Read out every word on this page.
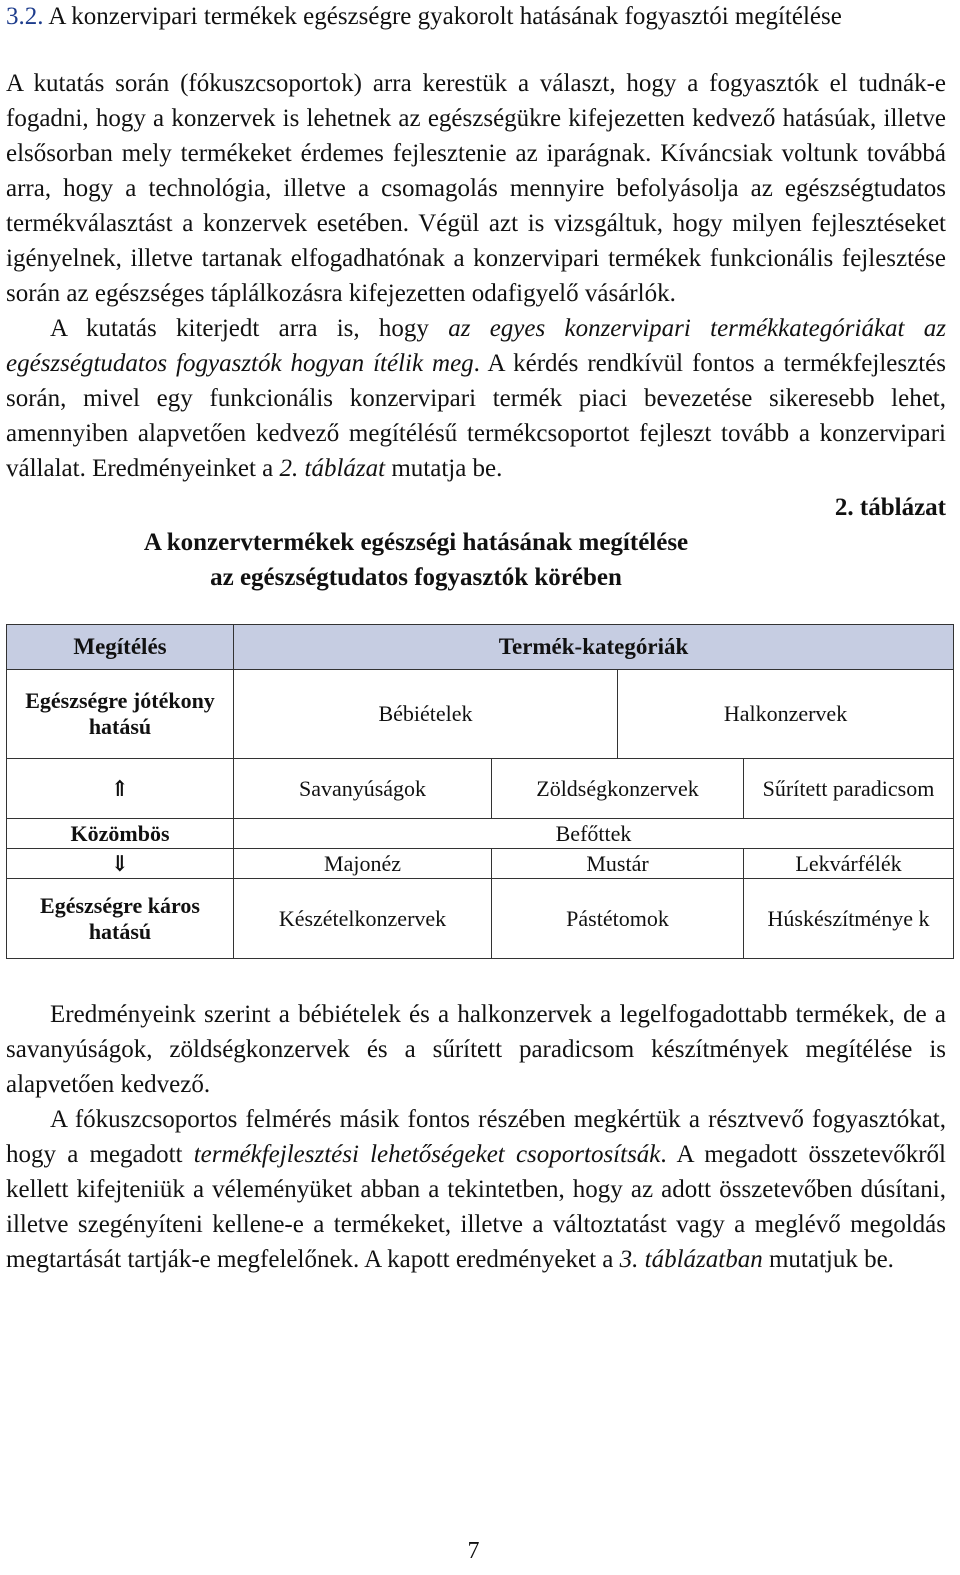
3.2. A konzervipari termékek egészségre gyakorolt hatásának fogyasztói megítélése

A kutatás során (fókuszcsoportok) arra kerestük a választ, hogy a fogyasztók el tudnák-e fogadni, hogy a konzervek is lehetnek az egészségükre kifejezetten kedvező hatásúak, illetve elsősorban mely termékeket érdemes fejlesztenie az iparágnak. Kíváncsiak voltunk továbbá arra, hogy a technológia, illetve a csomagolás mennyire befolyásolja az egészségtudatos termékválasztást a konzervek esetében. Végül azt is vizsgáltuk, hogy milyen fejlesztéseket igényelnek, illetve tartanak elfogadhatónak a konzervipari termékek funkcionális fejlesztése során az egészséges táplálkozásra kifejezetten odafigyelő vásárlók.

A kutatás kiterjedt arra is, hogy az egyes konzervipari termékkategóriákat az egészségtudatos fogyasztók hogyan ítélik meg. A kérdés rendkívül fontos a termékfejlesztés során, mivel egy funkcionális konzervipari termék piaci bevezetése sikeresebb lehet, amennyiben alapvetően kedvező megítélésű termékcsoportot fejleszt tovább a konzervipari vállalat. Eredményeinket a 2. táblázat mutatja be.

2. táblázat
A konzervtermékek egészségi hatásának megítélése
az egészségtudatos fogyasztók körében
Megítélés	Termék-kategóriák			
Egészségre jótékony hatású	Bébiételek		Halkonzervek	
⇑	Savanyúságok	Zöldségkonzervek		Sűrített paradicsom
Közömbös	Befőttek			
⇓	Majonéz	Mustár		Lekvárfélék
Egészségre káros hatású	Készételkonzervek	Pástétomok		Húskészítménye k

Eredményeink szerint a bébiételek és a halkonzervek a legelfogadottabb termékek, de a savanyúságok, zöldségkonzervek és a sűrített paradicsom készítmények megítélése is alapvetően kedvező.

A fókuszcsoportos felmérés másik fontos részében megkértük a résztvevő fogyasztókat, hogy a megadott termékfejlesztési lehetőségeket csoportosítsák. A megadott összetevőkről kellett kifejteniük a véleményüket abban a tekintetben, hogy az adott összetevőben dúsítani, illetve szegényíteni kellene-e a termékeket, illetve a változtatást vagy a meglévő megoldás megtartását tartják-e megfelelőnek. A kapott eredményeket a 3. táblázatban mutatjuk be.

7
